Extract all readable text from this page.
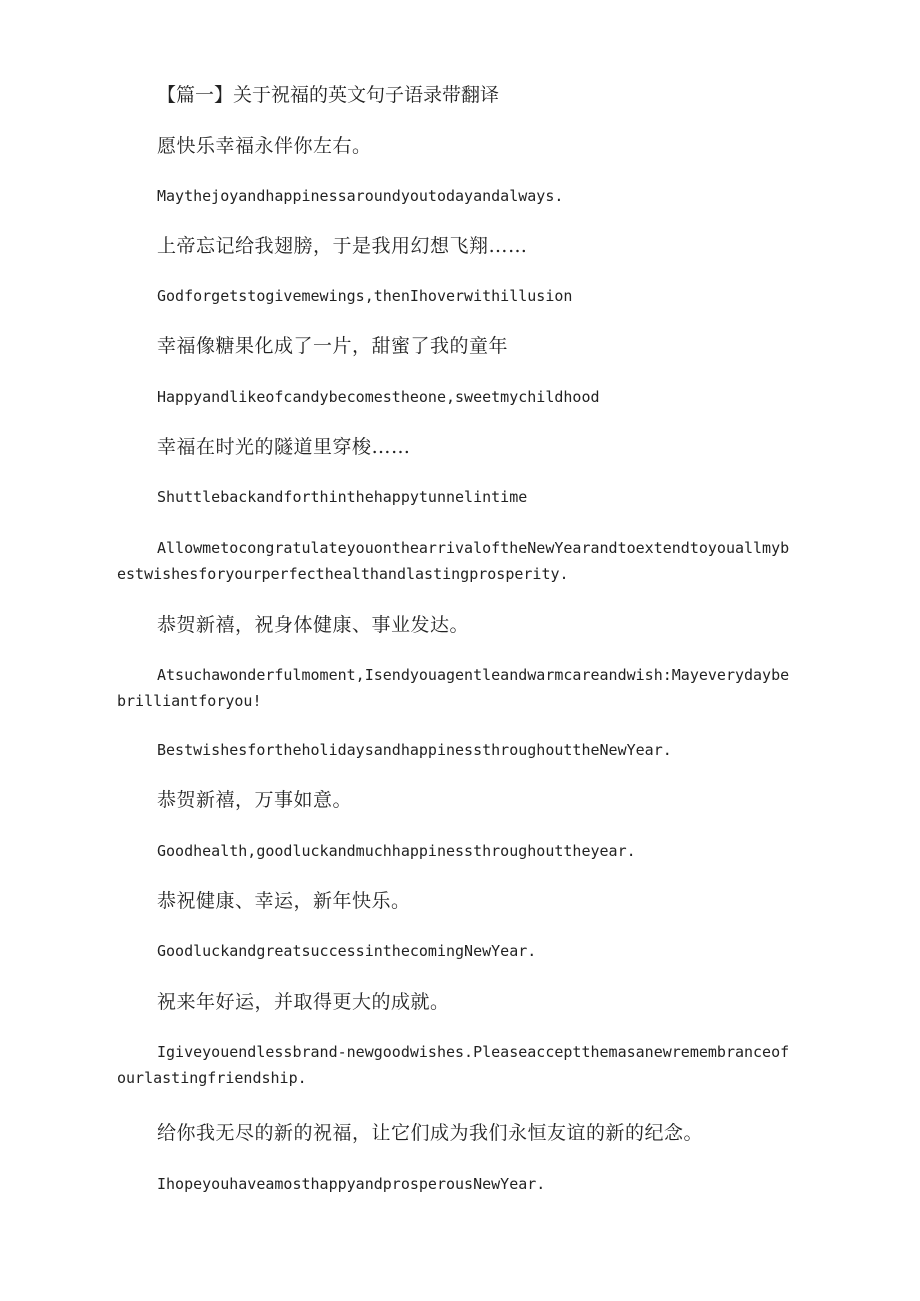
【篇一】关于祝福的英文句子语录带翻译

愿快乐幸福永伴你左右。

Maythejoyandhappinessaroundyoutodayandalways.

上帝忘记给我翅膀，于是我用幻想飞翔……

Godforgetstogivemewings,thenIhoverwithillusion

幸福像糖果化成了一片，甜蜜了我的童年

Happyandlikeofcandybecomestheone,sweetmychildhood

幸福在时光的隧道里穿梭……

Shuttlebackandforthinthehappytunnelintime

AllowmetocongratulateyouonthearrivaloftheNewYearandtoextendtoyouallmybestwishesforyourperfecthealthandlastingprosperity.

恭贺新禧，祝身体健康、事业发达。

Atsuchawonderfulmoment,Isendyouagentleandwarmcareandwish:Mayeverydaybebrilliantforyou!

BestwishesfortheholidaysandhappinessthroughouttheNewYear.

恭贺新禧，万事如意。

Goodhealth,goodluckandmuchhappinessthroughouttheyear.

恭祝健康、幸运，新年快乐。

GoodluckandgreatsuccessinthecomingNewYear.

祝来年好运，并取得更大的成就。

Igiveyouendlessbrand-newgoodwishes.Pleaseacceptthemasanewremembranceofourlastingfriendship.

给你我无尽的新的祝福，让它们成为我们永恒友谊的新的纪念。

IhopeyouhaveamosthappyandprosperousNewYear.
